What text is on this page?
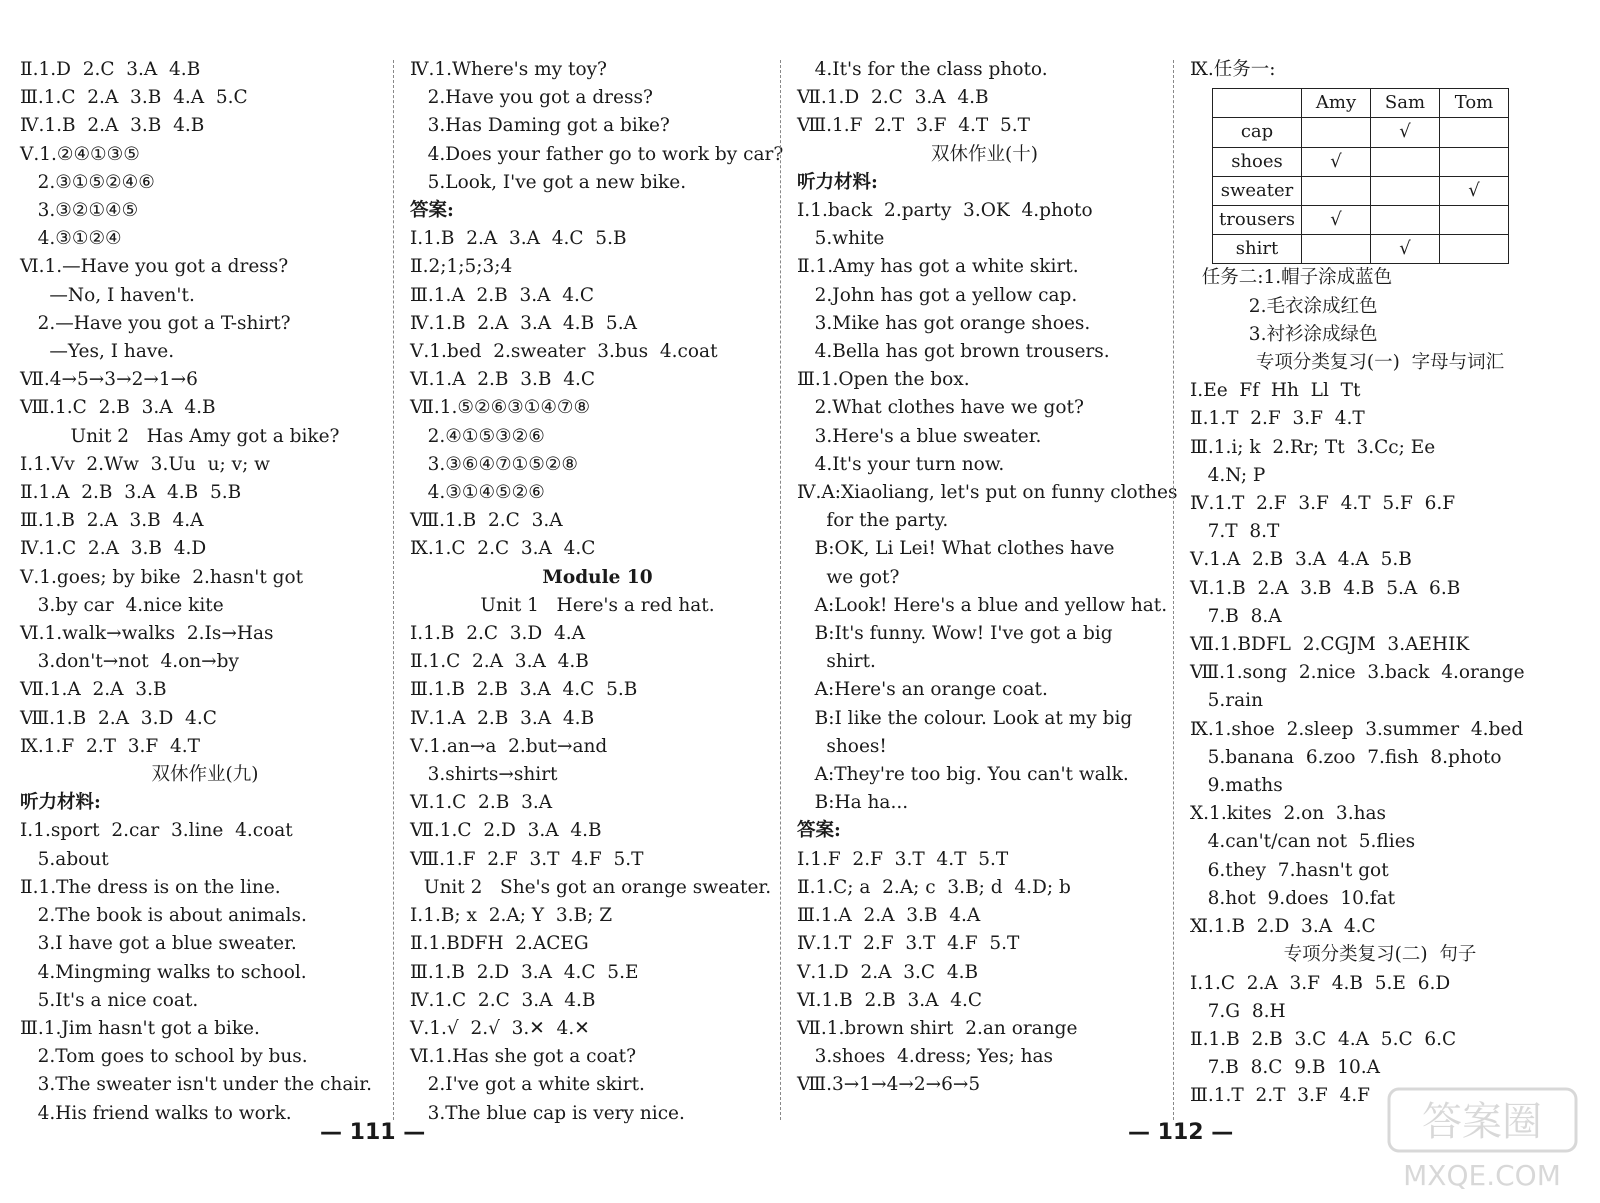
Ⅱ.1.D  2.C  3.A  4.B
Ⅲ.1.C  2.A  3.B  4.A  5.C
Ⅳ.1.B  2.A  3.B  4.B
Ⅴ.1.②④①③⑤
2.③①⑤②④⑥
3.③②①④⑤
4.③①②④
Ⅵ.1.—Have you got a dress?
—No, I haven't.
2.—Have you got a T-shirt?
—Yes, I have.
Ⅶ.4→5→3→2→1→6
Ⅷ.1.C  2.B  3.A  4.B
Unit 2   Has Amy got a bike?
Ⅰ.1.Vv  2.Ww  3.Uu  u; v; w
Ⅱ.1.A  2.B  3.A  4.B  5.B
Ⅲ.1.B  2.A  3.B  4.A
Ⅳ.1.C  2.A  3.B  4.D
Ⅴ.1.goes; by bike  2.hasn't got
3.by car  4.nice kite
Ⅵ.1.walk→walks  2.Is→Has
3.don't→not  4.on→by
Ⅶ.1.A  2.A  3.B
Ⅷ.1.B  2.A  3.D  4.C
Ⅸ.1.F  2.T  3.F  4.T
双休作业(九)
听力材料:
Ⅰ.1.sport  2.car  3.line  4.coat
5.about
Ⅱ.1.The dress is on the line.
2.The book is about animals.
3.I have got a blue sweater.
4.Mingming walks to school.
5.It's a nice coat.
Ⅲ.1.Jim hasn't got a bike.
2.Tom goes to school by bus.
3.The sweater isn't under the chair.
4.His friend walks to work.
Ⅳ.1.Where's my toy?
2.Have you got a dress?
3.Has Daming got a bike?
4.Does your father go to work by car?
5.Look, I've got a new bike.
答案:
Ⅰ.1.B  2.A  3.A  4.C  5.B
Ⅱ.2;1;5;3;4
Ⅲ.1.A  2.B  3.A  4.C
Ⅳ.1.B  2.A  3.A  4.B  5.A
Ⅴ.1.bed  2.sweater  3.bus  4.coat
Ⅵ.1.A  2.B  3.B  4.C
Ⅶ.1.⑤②⑥③①④⑦⑧
2.④①⑤③②⑥
3.③⑥④⑦①⑤②⑧
4.③①④⑤②⑥
Ⅷ.1.B  2.C  3.A
Ⅸ.1.C  2.C  3.A  4.C
Module 10
Unit 1   Here's a red hat.
Ⅰ.1.B  2.C  3.D  4.A
Ⅱ.1.C  2.A  3.A  4.B
Ⅲ.1.B  2.B  3.A  4.C  5.B
Ⅳ.1.A  2.B  3.A  4.B
Ⅴ.1.an→a  2.but→and
3.shirts→shirt
Ⅵ.1.C  2.B  3.A
Ⅶ.1.C  2.D  3.A  4.B
Ⅷ.1.F  2.F  3.T  4.F  5.T
Unit 2   She's got an orange sweater.
Ⅰ.1.B; x  2.A; Y  3.B; Z
Ⅱ.1.BDFH  2.ACEG
Ⅲ.1.B  2.D  3.A  4.C  5.E
Ⅳ.1.C  2.C  3.A  4.B
Ⅴ.1.√  2.√  3.✕  4.✕
Ⅵ.1.Has she got a coat?
2.I've got a white skirt.
3.The blue cap is very nice.
4.It's for the class photo.
Ⅶ.1.D  2.C  3.A  4.B
Ⅷ.1.F  2.T  3.F  4.T  5.T
双休作业(十)
听力材料:
Ⅰ.1.back  2.party  3.OK  4.photo
5.white
Ⅱ.1.Amy has got a white skirt.
2.John has got a yellow cap.
3.Mike has got orange shoes.
4.Bella has got brown trousers.
Ⅲ.1.Open the box.
2.What clothes have we got?
3.Here's a blue sweater.
4.It's your turn now.
Ⅳ.A:Xiaoliang, let's put on funny clothes
for the party.
B:OK, Li Lei! What clothes have
we got?
A:Look! Here's a blue and yellow hat.
B:It's funny. Wow! I've got a big
shirt.
A:Here's an orange coat.
B:I like the colour. Look at my big
shoes!
A:They're too big. You can't walk.
B:Ha ha...
答案:
Ⅰ.1.F  2.F  3.T  4.T  5.T
Ⅱ.1.C; a  2.A; c  3.B; d  4.D; b
Ⅲ.1.A  2.A  3.B  4.A
Ⅳ.1.T  2.F  3.T  4.F  5.T
Ⅴ.1.D  2.A  3.C  4.B
Ⅵ.1.B  2.B  3.A  4.C
Ⅶ.1.brown shirt  2.an orange
3.shoes  4.dress; Yes; has
Ⅷ.3→1→4→2→6→5
Ⅸ.任务一:
	Amy	Sam	Tom
cap		√	
shoes	√		
sweater			√
trousers	√		
shirt		√	
任务二:1.帽子涂成蓝色
2.毛衣涂成红色
3.衬衫涂成绿色
专项分类复习(一)  字母与词汇
Ⅰ.Ee  Ff  Hh  Ll  Tt
Ⅱ.1.T  2.F  3.F  4.T
Ⅲ.1.i; k  2.Rr; Tt  3.Cc; Ee
4.N; P
Ⅳ.1.T  2.F  3.F  4.T  5.F  6.F
7.T  8.T
Ⅴ.1.A  2.B  3.A  4.A  5.B
Ⅵ.1.B  2.A  3.B  4.B  5.A  6.B
7.B  8.A
Ⅶ.1.BDFL  2.CGJM  3.AEHIK
Ⅷ.1.song  2.nice  3.back  4.orange
5.rain
Ⅸ.1.shoe  2.sleep  3.summer  4.bed
5.banana  6.zoo  7.fish  8.photo
9.maths
Ⅹ.1.kites  2.on  3.has
4.can't/can not  5.flies
6.they  7.hasn't got
8.hot  9.does  10.fat
Ⅺ.1.B  2.D  3.A  4.C
专项分类复习(二)  句子
Ⅰ.1.C  2.A  3.F  4.B  5.E  6.D
7.G  8.H
Ⅱ.1.B  2.B  3.C  4.A  5.C  6.C
7.B  8.C  9.B  10.A
Ⅲ.1.T  2.T  3.F  4.F
— 111 —	— 112 —	答案圈
MXQE.COM
